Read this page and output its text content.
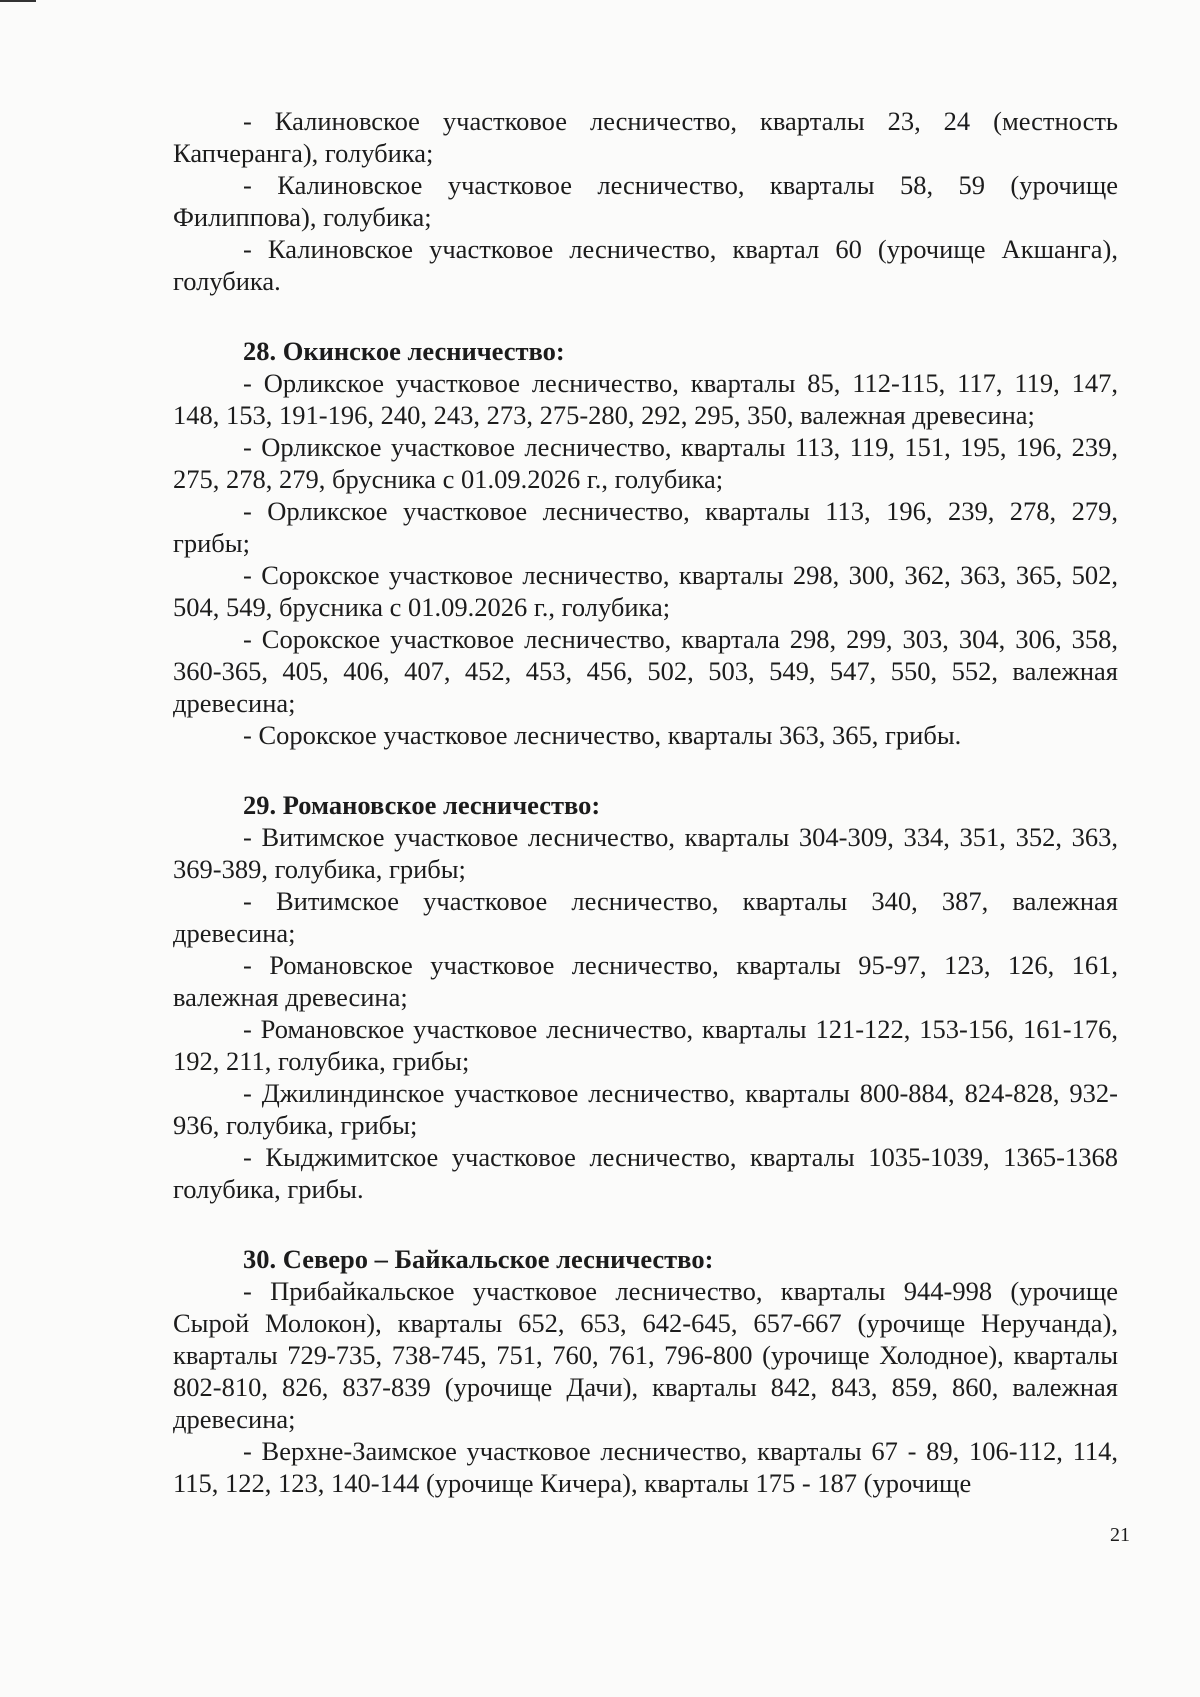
- Калиновское участковое лесничество, кварталы 23, 24 (местность Капчеранга), голубика;

- Калиновское участковое лесничество, кварталы 58, 59 (урочище Филиппова), голубика;

- Калиновское участковое лесничество, квартал 60 (урочище Акшанга), голубика.

28. Окинское лесничество:

- Орликское участковое лесничество, кварталы 85, 112-115, 117, 119, 147, 148, 153, 191-196, 240, 243, 273, 275-280, 292, 295, 350, валежная древесина;

- Орликское участковое лесничество, кварталы 113, 119, 151, 195, 196, 239, 275, 278, 279, брусника с 01.09.2026 г., голубика;

- Орликское участковое лесничество, кварталы 113, 196, 239, 278, 279, грибы;

- Сорокское участковое лесничество, кварталы 298, 300, 362, 363, 365, 502, 504, 549, брусника с 01.09.2026 г., голубика;

- Сорокское участковое лесничество, квартала 298, 299, 303, 304, 306, 358, 360-365, 405, 406, 407, 452, 453, 456, 502, 503, 549, 547, 550, 552, валежная древесина;

- Сорокское участковое лесничество, кварталы 363, 365, грибы.

29. Романовское лесничество:

- Витимское участковое лесничество, кварталы 304-309, 334, 351, 352, 363, 369-389, голубика, грибы;

- Витимское участковое лесничество, кварталы 340, 387, валежная древесина;

- Романовское участковое лесничество, кварталы 95-97, 123, 126, 161, валежная древесина;

- Романовское участковое лесничество, кварталы 121-122, 153-156, 161-176, 192, 211, голубика, грибы;

- Джилиндинское участковое лесничество, кварталы 800-884, 824-828, 932-936, голубика, грибы;

- Кыджимитское участковое лесничество, кварталы 1035-1039, 1365-1368 голубика, грибы.

30. Северо – Байкальское лесничество:

- Прибайкальское участковое лесничество, кварталы 944-998 (урочище Сырой Молокон), кварталы 652, 653, 642-645, 657-667 (урочище Неручанда), кварталы 729-735, 738-745, 751, 760, 761, 796-800 (урочище Холодное), кварталы 802-810, 826, 837-839 (урочище Дачи), кварталы 842, 843, 859, 860, валежная древесина;

- Верхне-Заимское участковое лесничество, кварталы 67 - 89, 106-112, 114, 115, 122, 123, 140-144 (урочище Кичера), кварталы 175 - 187 (урочище

21
